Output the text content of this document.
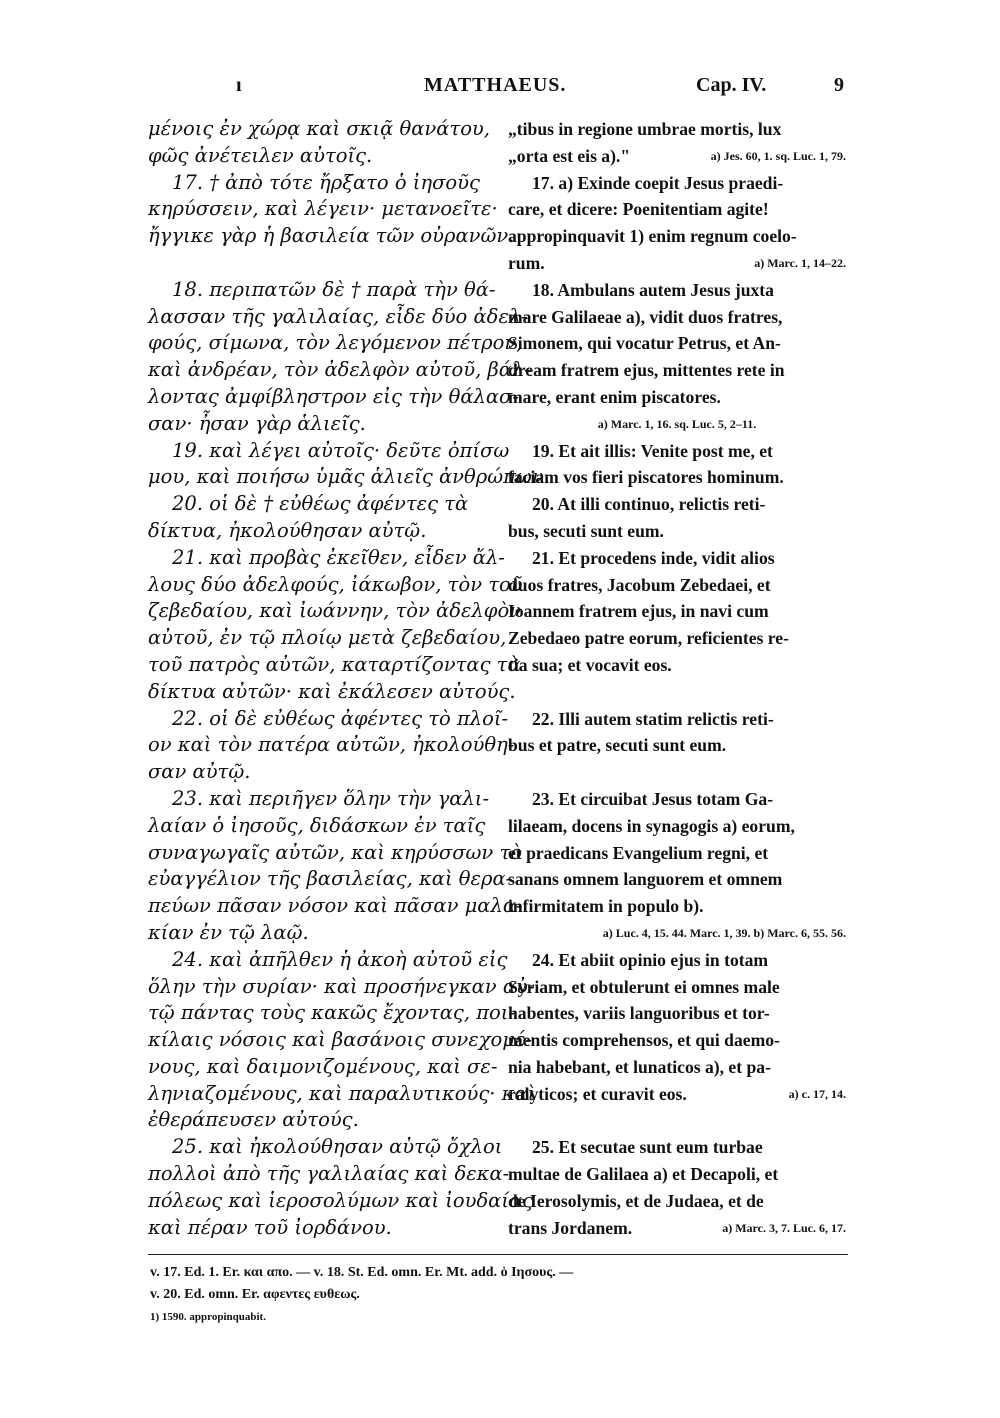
ı	MATTHAEUS.	Cap. IV.	9
μένοις ἐν χώρᾳ καὶ σκιᾷ θανάτου,
φῶς ἀνέτειλεν αὐτοῖς.
17. † ἀπὸ τότε ἤρξατο ὁ ἰησοῦς
κηρύσσειν, καὶ λέγειν· μετανοεῖτε·
ἤγγικε γὰρ ἡ βασιλεία τῶν οὐρανῶν.
18. περιπατῶν δὲ † παρὰ τὴν θά-
λασσαν τῆς γαλιλαίας, εἶδε δύο ἀδελ-
φούς, σίμωνα, τὸν λεγόμενον πέτρον,
καὶ ἀνδρέαν, τὸν ἀδελφὸν αὐτοῦ, βάλ-
λοντας ἀμφίβληστρον εἰς τὴν θάλασ-
σαν· ἦσαν γὰρ ἁλιεῖς.
19. καὶ λέγει αὐτοῖς· δεῦτε ὀπίσω
μου, καὶ ποιήσω ὑμᾶς ἁλιεῖς ἀνθρώπων.
20. οἱ δὲ † εὐθέως ἀφέντες τὰ
δίκτυα, ἠκολούθησαν αὐτῷ.
21. καὶ προβὰς ἐκεῖθεν, εἶδεν ἄλ-
λους δύο ἀδελφούς, ἰάκωβον, τὸν τοῦ
ζεβεδαίου, καὶ ἰωάννην, τὸν ἀδελφὸν
αὐτοῦ, ἐν τῷ πλοίῳ μετὰ ζεβεδαίου,
τοῦ πατρὸς αὐτῶν, καταρτίζοντας τὰ
δίκτυα αὐτῶν· καὶ ἐκάλεσεν αὐτούς.
22. οἱ δὲ εὐθέως ἀφέντες τὸ πλοῖ-
ον καὶ τὸν πατέρα αὐτῶν, ἠκολούθη-
σαν αὐτῷ.
23. καὶ περιῆγεν ὅλην τὴν γαλι-
λαίαν ὁ ἰησοῦς, διδάσκων ἐν ταῖς
συναγωγαῖς αὐτῶν, καὶ κηρύσσων τὸ
εὐαγγέλιον τῆς βασιλείας, καὶ θερα-
πεύων πᾶσαν νόσον καὶ πᾶσαν μαλα-
κίαν ἐν τῷ λαῷ.
24. καὶ ἀπῆλθεν ἡ ἀκοὴ αὐτοῦ εἰς
ὅλην τὴν συρίαν· καὶ προσήνεγκαν αὐ-
τῷ πάντας τοὺς κακῶς ἔχοντας, ποι-
κίλαις νόσοις καὶ βασάνοις συνεχομέ-
νους, καὶ δαιμονιζομένους, καὶ σε-
ληνιαζομένους, καὶ παραλυτικούς· καὶ
ἐθεράπευσεν αὐτούς.
25. καὶ ἠκολούθησαν αὐτῷ ὄχλοι
πολλοὶ ἀπὸ τῆς γαλιλαίας καὶ δεκα-
πόλεως καὶ ἱεροσολύμων καὶ ἰουδαίας
καὶ πέραν τοῦ ἰορδάνου.
„tibus in regione umbrae mortis, lux
„orta est eis a)."	a) Jes. 60, 1. sq. Luc. 1, 79.
17. a) Exinde coepit Jesus praedi-
care, et dicere: Poenitentiam agite!
appropinquavit 1) enim regnum coelo-
rum.	a) Marc. 1, 14–22.
18. Ambulans autem Jesus juxta
mare Galilaeae a), vidit duos fratres,
Simonem, qui vocatur Petrus, et An-
dream fratrem ejus, mittentes rete in
mare, erant enim piscatores.
a) Marc. 1, 16. sq. Luc. 5, 2–11.
19. Et ait illis: Venite post me, et
faciam vos fieri piscatores hominum.
20. At illi continuo, relictis reti-
bus, secuti sunt eum.
21. Et procedens inde, vidit alios
duos fratres, Jacobum Zebedaei, et
Ioannem fratrem ejus, in navi cum
Zebedaeo patre eorum, reficientes re-
tia sua; et vocavit eos.
22. Illi autem statim relictis reti-
bus et patre, secuti sunt eum.
23. Et circuibat Jesus totam Ga-
lilaeam, docens in synagogis a) eorum,
et praedicans Evangelium regni, et
sanans omnem languorem et omnem
infirmitatem in populo b).
a) Luc. 4, 15. 44. Marc. 1, 39. b) Marc. 6, 55. 56.
24. Et abiit opinio ejus in totam
Syriam, et obtulerunt ei omnes male
habentes, variis languoribus et tor-
mentis comprehensos, et qui daemo-
nia habebant, et lunaticos a), et pa-
ralyticos; et curavit eos.	a) c. 17, 14.
25. Et secutae sunt eum turbae
multae de Galilaea a) et Decapoli, et
de Ierosolymis, et de Judaea, et de
trans Jordanem.	a) Marc. 3, 7. Luc. 6, 17.
v. 17. Ed. 1. Er. και απο. — v. 18. St. Ed. omn. Er. Mt. add. ὁ Ιησους. —
v. 20. Ed. omn. Er. αφεντες ευθεως.
1) 1590. appropinquabit.
